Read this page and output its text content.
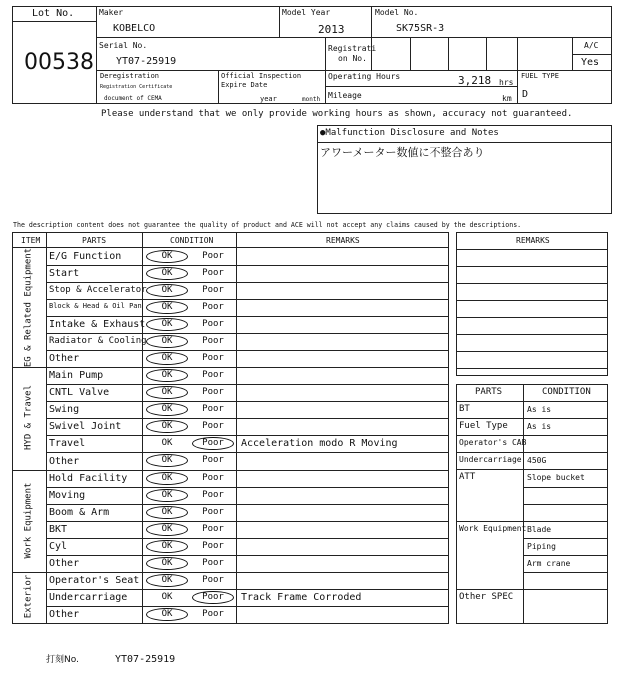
Lot No.
00538
Maker
KOBELCO
Model Year
2013
Model No.
SK75SR-3
Serial No.
YT07-25919
Registrati
on No.
A/C
Yes
Deregistration
Registration Certificate
document of CEMA
Official Inspection
Expire Date
year	month
Operating Hours	3,218 hrs
Mileage	km
FUEL TYPE
D
Please understand that we only provide working hours as shown, accuracy not guaranteed.
●Malfunction Disclosure and Notes
アワーメーター数値に不整合あり
The description content does not guarantee the quality of product and ACE will not accept any claims caused by the descriptions.
ITEM	PARTS	CONDITION	REMARKS
E/G Function	OK	Poor
Start	OK	Poor
Stop & Accelerator	OK	Poor
Block & Head & Oil Pan	OK	Poor
Intake & Exhaust	OK	Poor
Radiator & Cooling	OK	Poor
Other	OK	Poor
EG & Related Equipment
Main Pump	OK	Poor
CNTL Valve	OK	Poor
Swing	OK	Poor
Swivel Joint	OK	Poor
Travel	OK	Poor	Acceleration modo R Moving
Other	OK	Poor
HYD & Travel
Hold Facility	OK	Poor
Moving	OK	Poor
Boom & Arm	OK	Poor
BKT	OK	Poor
Cyl	OK	Poor
Other	OK	Poor
Work Equipment
Operator's Seat	OK	Poor
Undercarriage	OK	Poor	Track Frame Corroded
Other	OK	Poor
Exterior
REMARKS
PARTS	CONDITION
BT	As is
Fuel Type As is
Operator's CAB
Undercarriage 450G
ATT	Slope bucket
Work Equipment Blade
Piping
Arm crane
Other SPEC
打刻No.	YT07-25919
